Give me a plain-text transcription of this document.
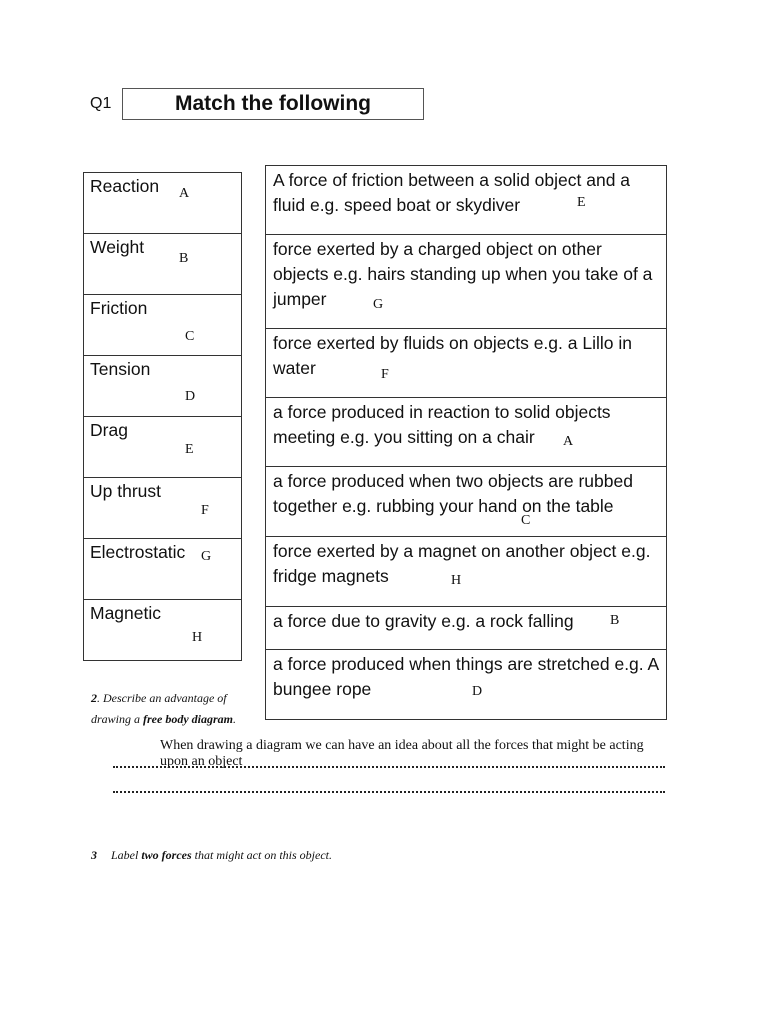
Q1	Match the following
Reaction A

Weight
B

Friction
C

Tension
D

Drag
E

Up thrust
F

Electrostatic G

Magnetic
H
A force of friction between a solid object and a fluid e.g. speed boat or skydiver	E

force exerted by a charged object on other objects e.g. hairs standing up when you take of a jumper	G

force exerted by fluids on objects e.g. a Lillo in water	F

a force produced in reaction to solid objects meeting e.g. you sitting on a chair	A

a force produced when two objects are rubbed together e.g. rubbing your hand on the table
C

force exerted by a magnet on another object e.g. fridge magnets	H

a force due to gravity e.g. a rock falling	B

a force produced when things are stretched e.g. A bungee rope	D
2. Describe an advantage of drawing a free body diagram.
When drawing a diagram we can have an idea about all the forces that might be acting upon an object
3 Label two forces that might act on this object.
